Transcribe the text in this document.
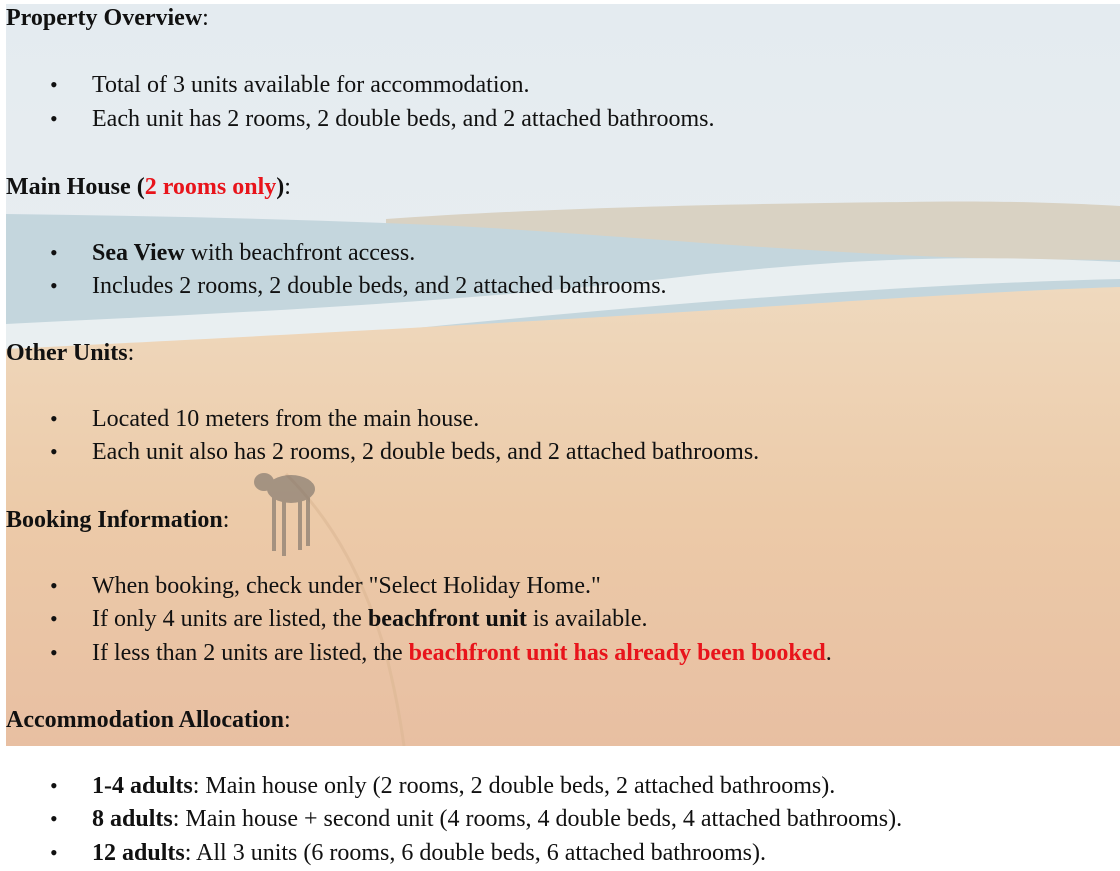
Property Overview:
• Total of 3 units available for accommodation.
• Each unit has 2 rooms, 2 double beds, and 2 attached bathrooms.
Main House (2 rooms only):
• Sea View with beachfront access.
• Includes 2 rooms, 2 double beds, and 2 attached bathrooms.
Other Units:
• Located 10 meters from the main house.
• Each unit also has 2 rooms, 2 double beds, and 2 attached bathrooms.
Booking Information:
• When booking, check under "Select Holiday Home."
• If only 4 units are listed, the beachfront unit is available.
• If less than 2 units are listed, the beachfront unit has already been booked.
Accommodation Allocation:
• 1-4 adults: Main house only (2 rooms, 2 double beds, 2 attached bathrooms).
• 8 adults: Main house + second unit (4 rooms, 4 double beds, 4 attached bathrooms).
• 12 adults: All 3 units (6 rooms, 6 double beds, 6 attached bathrooms).
